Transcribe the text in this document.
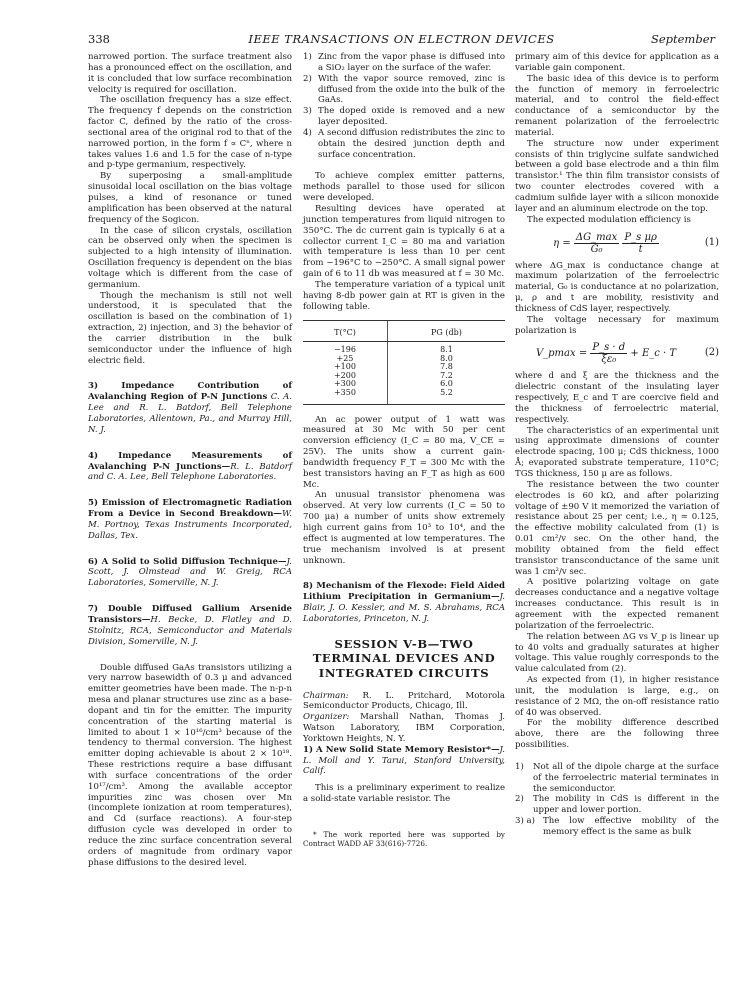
338	IEEE TRANSACTIONS ON ELECTRON DEVICES	September

narrowed portion. The surface treatment also has a pronounced effect on the oscillation, and it is concluded that low surface recombination velocity is required for oscillation.

The oscillation frequency has a size effect. The frequency f depends on the constriction factor C, defined by the ratio of the cross-sectional area of the original rod to that of the narrowed portion, in the form f ∝ Cⁿ, where n takes values 1.6 and 1.5 for the case of n-type and p-type germanium, respectively.

By superposing a small-amplitude sinusoidal local oscillation on the bias voltage pulses, a kind of resonance or tuned amplification has been observed at the natural frequency of the Sogicon.

In the case of silicon crystals, oscillation can be observed only when the specimen is subjected to a high intensity of illumination. Oscillation frequency is dependent on the bias voltage which is different from the case of germanium.

Though the mechanism is still not well understood, it is speculated that the oscillation is based on the combination of 1) extraction, 2) injection, and 3) the behavior of the carrier distribution in the bulk semiconductor under the influence of high electric field.

3) Impedance Contribution of Avalanching Region of P-N Junctions C. A. Lee and R. L. Batdorf, Bell Telephone Laboratories, Allentown, Pa., and Murray Hill, N. J.

4) Impedance Measurements of Avalanching P-N Junctions—R. L. Batdorf and C. A. Lee, Bell Telephone Laboratories.

5) Emission of Electromagnetic Radiation From a Device in Second Breakdown—W. M. Portnoy, Texas Instruments Incorporated, Dallas, Tex.

6) A Solid to Solid Diffusion Technique—J. Scott, J. Olmstead and W. Greig, RCA Laboratories, Somerville, N. J.

7) Double Diffused Gallium Arsenide Transistors—H. Becke, D. Flatley and D. Stolnitz, RCA, Semiconductor and Materials Division, Somerville, N. J.

Double diffused GaAs transistors utilizing a very narrow basewidth of 0.3 μ and advanced emitter geometries have been made. The n-p-n mesa and planar structures use zinc as a base-dopant and tin for the emitter. The impurity concentration of the starting material is limited to about 1 × 10¹⁶/cm³ because of the tendency to thermal conversion. The highest emitter doping achievable is about 2 × 10¹⁸. These restrictions require a base diffusant with surface concentrations of the order 10¹⁷/cm³. Among the available acceptor impurities zinc was chosen over Mn (incomplete ionization at room temperatures), and Cd (surface reactions). A four-step diffusion cycle was developed in order to reduce the zinc surface concentration several orders of magnitude from ordinary vapor phase diffusions to the desired level.

1) Zinc from the vapor phase is diffused into a SiO₂ layer on the surface of the wafer.
2) With the vapor source removed, zinc is diffused from the oxide into the bulk of the GaAs.
3) The doped oxide is removed and a new layer deposited.
4) A second diffusion redistributes the zinc to obtain the desired junction depth and surface concentration.

To achieve complex emitter patterns, methods parallel to those used for silicon were developed.

Resulting devices have operated at junction temperatures from liquid nitrogen to 350°C. The dc current gain is typically 6 at a collector current I_C = 80 ma and variation with temperature is less than 10 per cent from −196°C to −250°C. A small signal power gain of 6 to 11 db was measured at f = 30 Mc.

The temperature variation of a typical unit having 8-db power gain at RT is given in the following table.

T(°C)	PG (db)
−196	8.1
+25	8.0
+100	7.8
+200	7.2
+300	6.0
+350	5.2

An ac power output of 1 watt was measured at 30 Mc with 50 per cent conversion efficiency (I_C = 80 ma, V_CE = 25V). The units show a current gain-bandwidth frequency F_T = 300 Mc with the best transistors having an F_T as high as 600 Mc.

An unusual transistor phenomena was observed. At very low currents (I_C = 50 to 700 μa) a number of units show extremely high current gains from 10³ to 10⁴, and the effect is augmented at low temperatures. The true mechanism involved is at present unknown.

8) Mechanism of the Flexode: Field Aided Lithium Precipitation in Germanium—J. Blair, J. O. Kessler, and M. S. Abrahams, RCA Laboratories, Princeton, N. J.

SESSION V-B—TWO TERMINAL DEVICES AND INTEGRATED CIRCUITS

Chairman: R. L. Pritchard, Motorola Semiconductor Products, Chicago, Ill.

Organizer: Marshall Nathan, Thomas J. Watson Laboratory, IBM Corporation, Yorktown Heights, N. Y.

1) A New Solid State Memory Resistor*—J. L. Moll and Y. Tarui, Stanford University, Calif.

This is a preliminary experiment to realize a solid-state variable resistor. The

* The work reported here was supported by Contract WADD AF 33(616)-7726.

primary aim of this device for application as a variable gain component.

The basic idea of this device is to perform the function of memory in ferroelectric material, and to control the field-effect conductance of a semiconductor by the remanent polarization of the ferroelectric material.

The structure now under experiment consists of thin triglycine sulfate sandwiched between a gold base electrode and a thin film transistor.¹ The thin film transistor consists of two counter electrodes covered with a cadmium sulfide layer with a silicon monoxide layer and an aluminum electrode on the top.

The expected modulation efficiency is

$\eta = \frac{\Delta G\_\max}{\text{G₀}}$
$\frac{\text{P\_s μρ}}{t}$	(1)

where ΔG_max is conductance change at maximum polarization of the ferroelectric material, G₀ is conductance at no polarization, μ, ρ and t are mobility, resistivity and thickness of CdS layer, respectively.

The voltage necessary for maximum polarization is

V_pmax = $\frac{P\_s \cdot d}{\text{ξε₀}}$ + E_c · T	(2)

where d and ξ are the thickness and the dielectric constant of the insulating layer respectively, E_c and T are coercive field and the thickness of ferroelectric material, respectively.

The characteristics of an experimental unit using approximate dimensions of counter electrode spacing, 100 μ; CdS thickness, 1000 Å; evaporated substrate temperature, 110°C; TGS thickness, 150 μ are as follows.

The resistance between the two counter electrodes is 60 kΩ, and after polarizing voltage of ±90 V it memorized the variation of resistance about 25 per cent; i.e., η ≃ 0.125, the effective mobility calculated from (1) is 0.01 cm²/v sec. On the other hand, the mobility obtained from the field effect transistor transconductance of the same unit was 1 cm²/v sec.

A positive polarizing voltage on gate decreases conductance and a negative voltage increases conductance. This result is in agreement with the expected remanent polarization of the ferroelectric.

The relation between ΔG vs V_p is linear up to 40 volts and gradually saturates at higher voltage. This value roughly corresponds to the value calculated from (2).

As expected from (1), in higher resistance unit, the modulation is large, e.g., on resistance of 2 MΩ, the on-off resistance ratio of 40 was observed.

For the mobility difference described above, there are the following three possibilities.

1) Not all of the dipole charge at the surface of the ferroelectric material terminates in the semiconductor.
2) The mobility in CdS is different in the upper and lower portion.
3) a) The low effective mobility of the memory effect is the same as bulk
